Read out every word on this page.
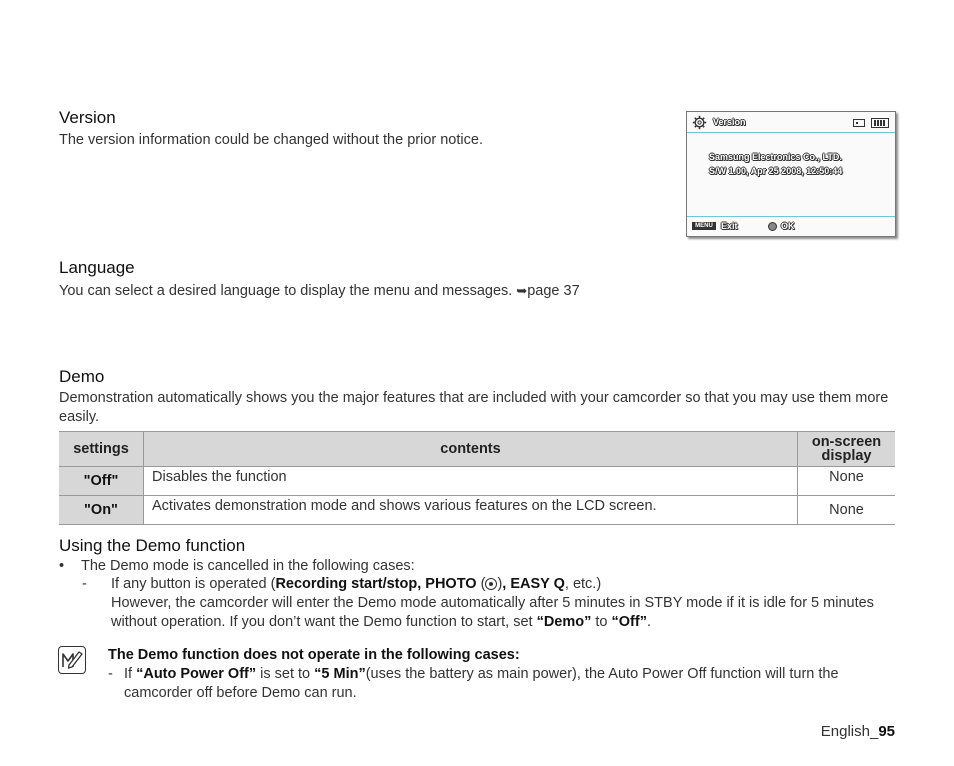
Version
The version information could be changed without the prior notice.
Version
Samsung Electronics Co., LTD.
S/W 1.00, Apr 25 2008, 12:50:44
MENU Exit	OK
Language
You can select a desired language to display the menu and messages. ➥page 37
Demo
Demonstration automatically shows you the major features that are included with your camcorder so that you may use them more easily.
settings	contents	on-screen display
"Off"	Disables the function	None
"On"	Activates demonstration mode and shows various features on the LCD screen.	None
Using the Demo function
• The Demo mode is cancelled in the following cases:
- If any button is operated (Recording start/stop, PHOTO ( ), EASY Q, etc.)
However, the camcorder will enter the Demo mode automatically after 5 minutes in STBY mode if it is idle for 5 minutes without operation. If you don’t want the Demo function to start, set “Demo” to “Off”.
The Demo function does not operate in the following cases:
- If “Auto Power Off” is set to “5 Min”(uses the battery as main power), the Auto Power Off function will turn the camcorder off before Demo can run.
English_95
